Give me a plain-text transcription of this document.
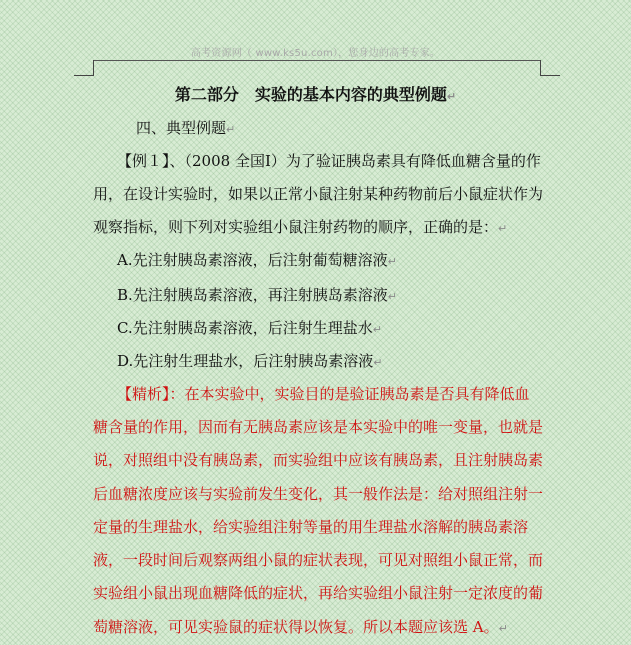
高考资源网（ www.ks5u.com），您身边的高考专家。
第二部分　实验的基本内容的典型例题↵
四、典型例题↵
【例１】、（2008 全国Ⅰ）为了验证胰岛素具有降低血糖含量的作
用，在设计实验时，如果以正常小鼠注射某种药物前后小鼠症状作为
观察指标，则下列对实验组小鼠注射药物的顺序，正确的是：↵
A.先注射胰岛素溶液，后注射葡萄糖溶液↵
B.先注射胰岛素溶液，再注射胰岛素溶液↵
C.先注射胰岛素溶液，后注射生理盐水↵
D.先注射生理盐水，后注射胰岛素溶液↵
【精析】：在本实验中，实验目的是验证胰岛素是否具有降低血
糖含量的作用，因而有无胰岛素应该是本实验中的唯一变量，也就是
说，对照组中没有胰岛素，而实验组中应该有胰岛素，且注射胰岛素
后血糖浓度应该与实验前发生变化，其一般作法是：给对照组注射一
定量的生理盐水，给实验组注射等量的用生理盐水溶解的胰岛素溶
液，一段时间后观察两组小鼠的症状表现，可见对照组小鼠正常，而
实验组小鼠出现血糖降低的症状，再给实验组小鼠注射一定浓度的葡
萄糖溶液，可见实验鼠的症状得以恢复。所以本题应该选 A。↵
